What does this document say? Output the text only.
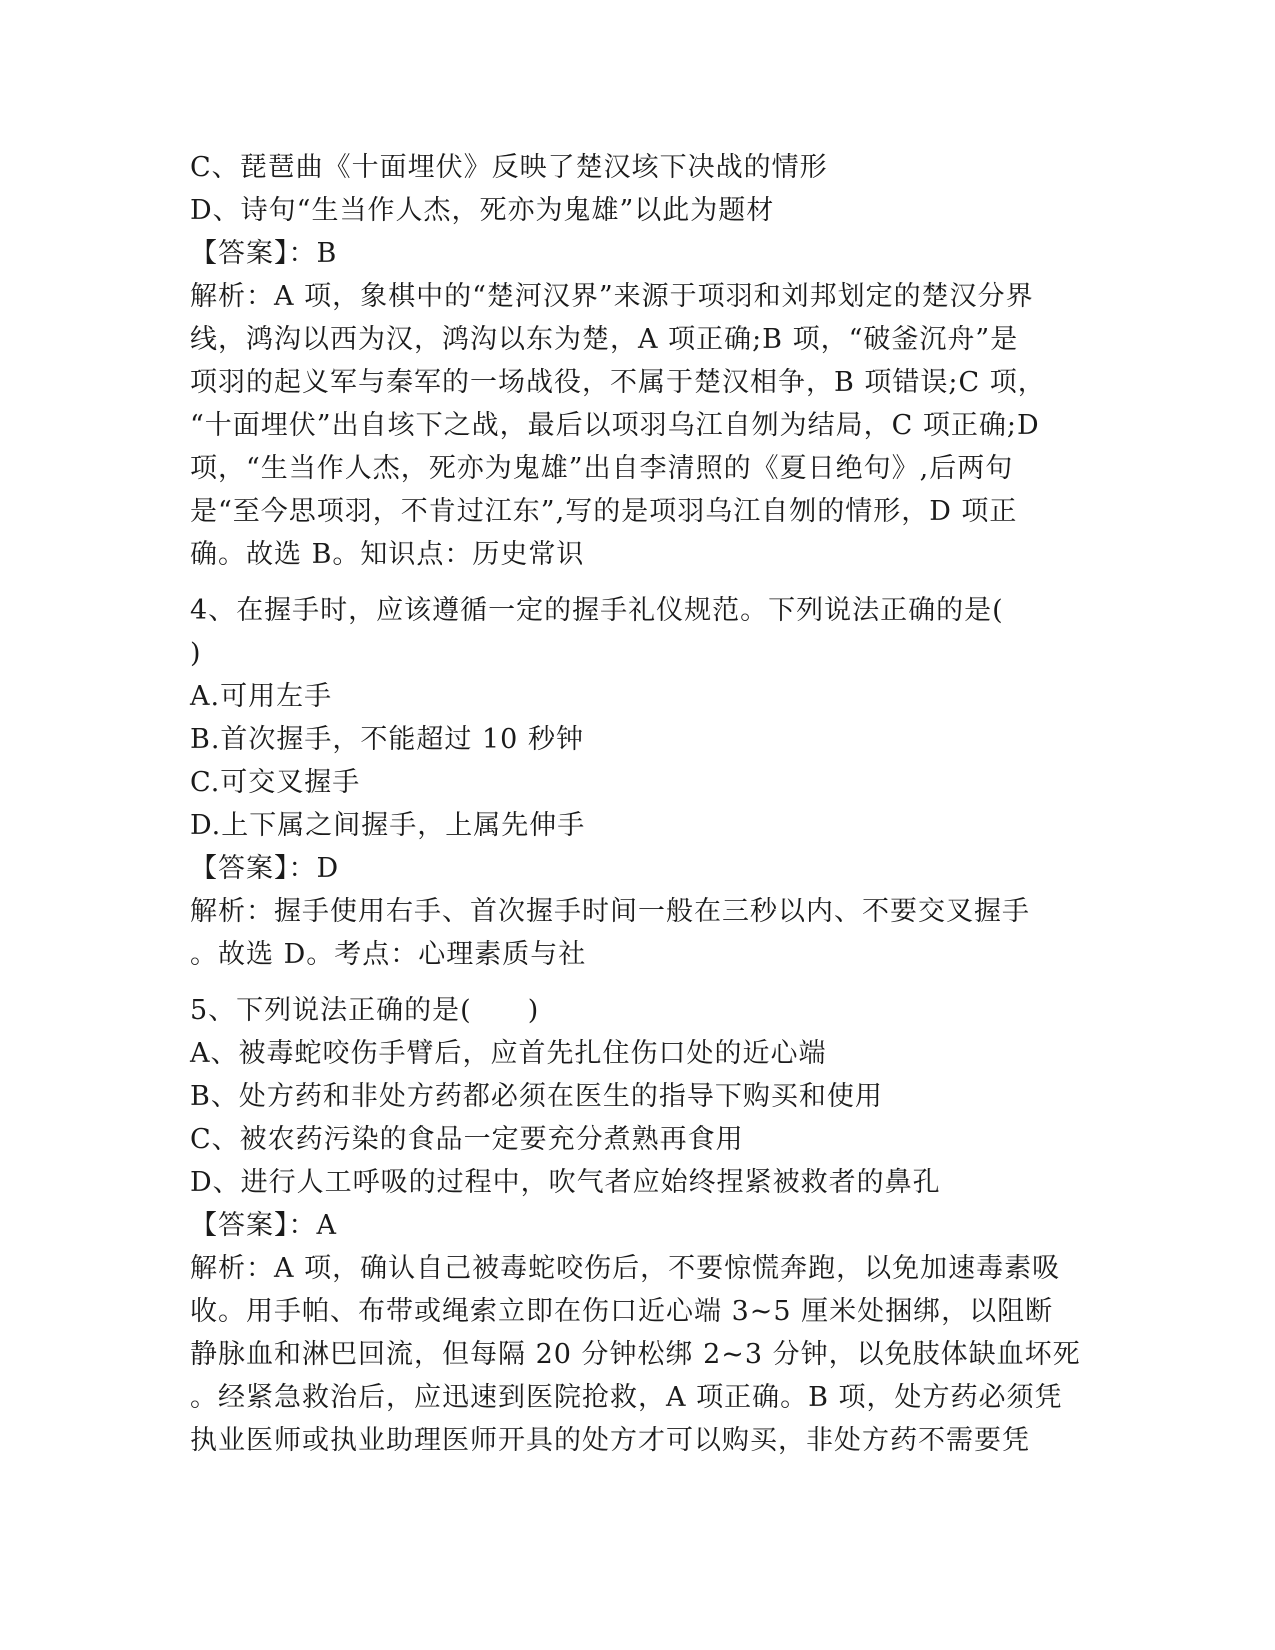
C、琵琶曲《十面埋伏》反映了楚汉垓下决战的情形
D、诗句“生当作人杰，死亦为鬼雄”以此为题材
【答案】：B
解析：A 项，象棋中的“楚河汉界”来源于项羽和刘邦划定的楚汉分界
线，鸿沟以西为汉，鸿沟以东为楚，A 项正确;B 项，“破釜沉舟”是
项羽的起义军与秦军的一场战役，不属于楚汉相争，B 项错误;C 项，
“十面埋伏”出自垓下之战，最后以项羽乌江自刎为结局，C 项正确;D
项，“生当作人杰，死亦为鬼雄”出自李清照的《夏日绝句》,后两句
是“至今思项羽，不肯过江东”,写的是项羽乌江自刎的情形，D 项正
确。故选 B。知识点：历史常识
4、在握手时，应该遵循一定的握手礼仪规范。下列说法正确的是(
)
A.可用左手
B.首次握手，不能超过 10 秒钟
C.可交叉握手
D.上下属之间握手，上属先伸手
【答案】：D
解析：握手使用右手、首次握手时间一般在三秒以内、不要交叉握手
。故选 D。考点：心理素质与社
5、下列说法正确的是(　　)
A、被毒蛇咬伤手臂后，应首先扎住伤口处的近心端
B、处方药和非处方药都必须在医生的指导下购买和使用
C、被农药污染的食品一定要充分煮熟再食用
D、进行人工呼吸的过程中，吹气者应始终捏紧被救者的鼻孔
【答案】：A
解析：A 项，确认自己被毒蛇咬伤后，不要惊慌奔跑，以免加速毒素吸
收。用手帕、布带或绳索立即在伤口近心端 3~5 厘米处捆绑，以阻断
静脉血和淋巴回流，但每隔 20 分钟松绑 2~3 分钟，以免肢体缺血坏死
。经紧急救治后，应迅速到医院抢救，A 项正确。B 项，处方药必须凭
执业医师或执业助理医师开具的处方才可以购买，非处方药不需要凭
